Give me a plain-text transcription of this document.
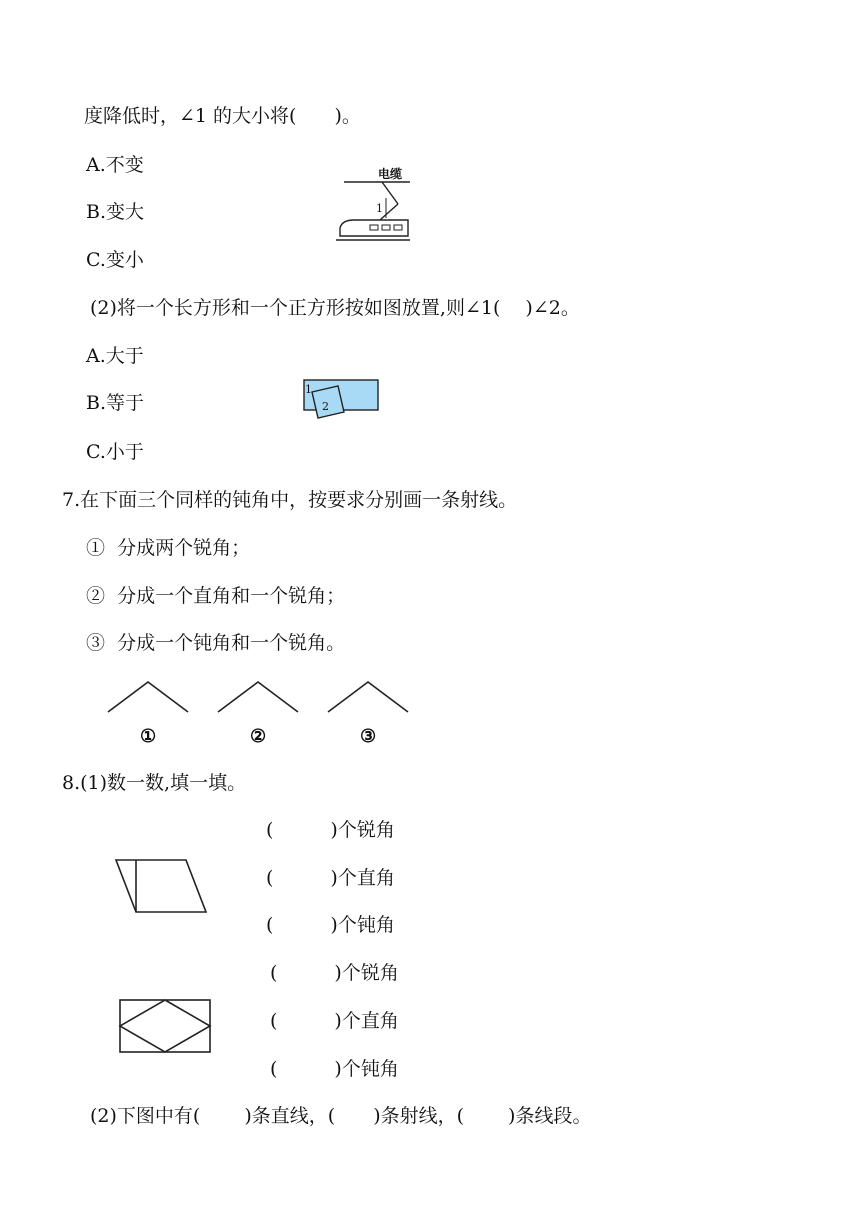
度降低时，∠1 的大小将(　　)。
A.不变
B.变大
C.变小
电缆
1
(2)将一个长方形和一个正方形按如图放置,则∠1(　 )∠2。
A.大于
B.等于
C.小于
1
2
7.在下面三个同样的钝角中，按要求分别画一条射线。
①  分成两个锐角；
②  分成一个直角和一个锐角；
③  分成一个钝角和一个锐角。
①	②	③
8.(1)数一数,填一填。
(　　　)个锐角
(　　　)个直角
(　　　)个钝角
(　　　)个锐角
(　　　)个直角
(　　　)个钝角
(2)下图中有(　　 )条直线，(　　)条射线，(　　 )条线段。
